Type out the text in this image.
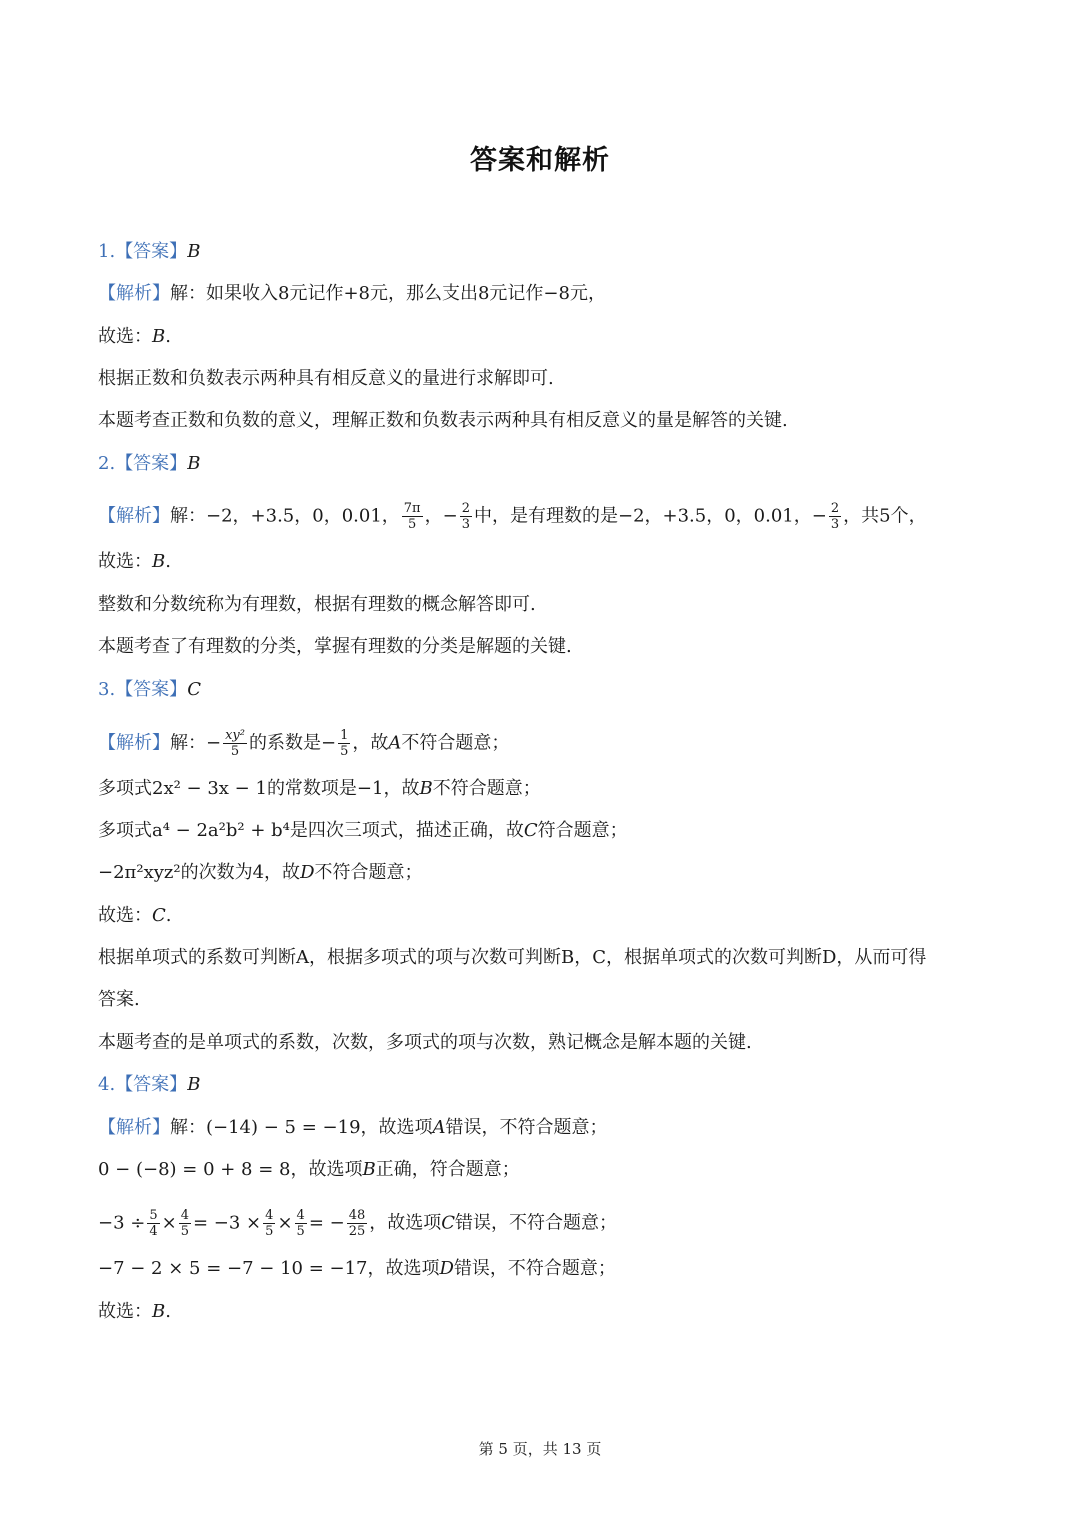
答案和解析
1.【答案】B
【解析】解：如果收入8元记作+8元，那么支出8元记作−8元，
故选：B.
根据正数和负数表示两种具有相反意义的量进行求解即可.
本题考查正数和负数的意义，理解正数和负数表示两种具有相反意义的量是解答的关键.
2.【答案】B
【解析】解：−2，+3.5，0，0.01， $\frac{7\pi}{5}$ ，− $\frac{2}{3}$ 中，是有理数的是−2，+3.5，0，0.01，− $\frac{2}{3}$ ，共5个，
故选：B.
整数和分数统称为有理数，根据有理数的概念解答即可.
本题考查了有理数的分类，掌握有理数的分类是解题的关键.
3.【答案】C
【解析】解：− $\frac{\text{xy²}}{5}$ 的系数是− $\frac{1}{5}$ ，故A不符合题意；
多项式2x² − 3x − 1的常数项是−1，故B不符合题意；
多项式a⁴ − 2a²b² + b⁴是四次三项式，描述正确，故C符合题意；
−2π²xyz²的次数为4，故D不符合题意；
故选：C.
根据单项式的系数可判断A，根据多项式的项与次数可判断B，C，根据单项式的次数可判断D，从而可得
答案.
本题考查的是单项式的系数，次数，多项式的项与次数，熟记概念是解本题的关键.
4.【答案】B
【解析】解：(−14) − 5 = −19，故选项A错误，不符合题意；
0 − (−8) = 0 + 8 = 8，故选项B正确，符合题意；
$-3 \div \frac{5}{4} \times \frac{4}{5} = -3 \times \frac{4}{5} \times \frac{4}{5}$ = − $\frac{48}{25}$ ，故选项C错误，不符合题意；
−7 − 2 × 5 = −7 − 10 = −17，故选项D错误，不符合题意；
故选：B.
第 5 页，共 13 页
